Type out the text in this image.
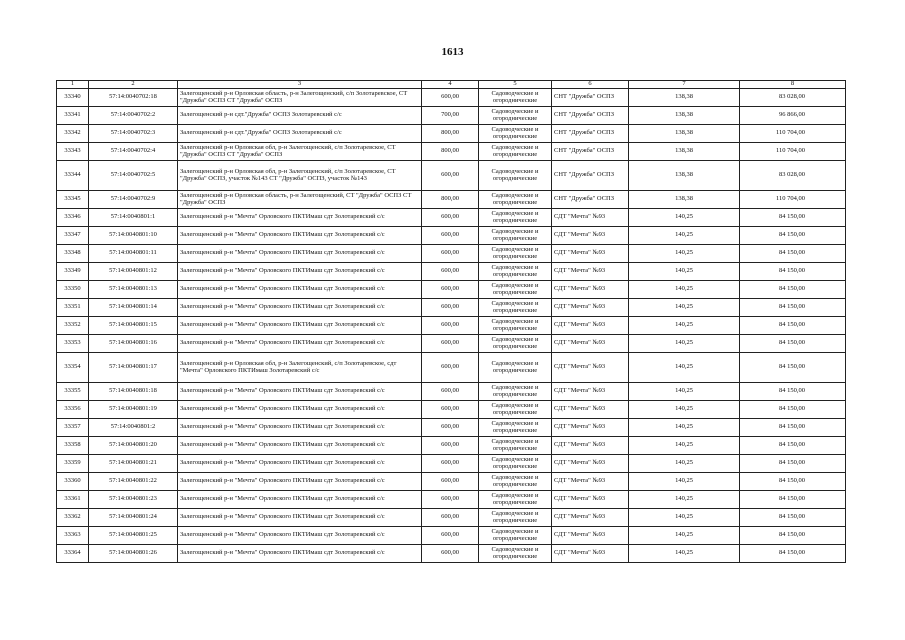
1613
1	2	3	4	5	6	7	8
33340	57:14:0040702:18	Залегощенский р-н Орловская область, р-н Залегощенский, с/п Золотаревское, СТ "Дружба" ОСПЗ СТ "Дружба" ОСПЗ	600,00	Садоводческие и огороднические	СНТ "Дружба" ОСПЗ	138,38	83 028,00
33341	57:14:0040702:2	Залегощенский р-н сдт."Дружба" ОСПЗ Золотаревский с/с	700,00	Садоводческие и огороднические	СНТ "Дружба" ОСПЗ	138,38	96 866,00
33342	57:14:0040702:3	Залегощенский р-н сдт."Дружба" ОСПЗ Золотаревский с/с	800,00	Садоводческие и огороднические	СНТ "Дружба" ОСПЗ	138,38	110 704,00
33343	57:14:0040702:4	Залегощенский р-н Орловская обл, р-н Залегощенский, с/п Золотаревское, СТ "Дружба" ОСПЗ СТ "Дружба" ОСПЗ	800,00	Садоводческие и огороднические	СНТ "Дружба" ОСПЗ	138,38	110 704,00
33344	57:14:0040702:5	Залегощенский р-н Орловская обл, р-н Залегощенский, с/п Золотаревское, СТ "Дружба" ОСПЗ, участок №143 СТ "Дружба" ОСПЗ, участок №143	600,00	Садоводческие и огороднические	СНТ "Дружба" ОСПЗ	138,38	83 028,00
33345	57:14:0040702:9	Залегощенский р-н Орловская область, р-н Залегощенский, СТ "Дружба" ОСПЗ СТ "Дружба" ОСПЗ	800,00	Садоводческие и огороднические	СНТ "Дружба" ОСПЗ	138,38	110 704,00
33346	57:14:0040801:1	Залегощенский р-н "Мечта" Орловского ПКТИмаш сдт Золотаревский с/с	600,00	Садоводческие и огороднические	СДТ "Мечта" №93	140,25	84 150,00
33347	57:14:0040801:10	Залегощенский р-н "Мечта" Орловского ПКТИмаш сдт Золотаревский с/с	600,00	Садоводческие и огороднические	СДТ "Мечта" №93	140,25	84 150,00
33348	57:14:0040801:11	Залегощенский р-н "Мечта" Орловского ПКТИмаш сдт Золотаревский с/с	600,00	Садоводческие и огороднические	СДТ "Мечта" №93	140,25	84 150,00
33349	57:14:0040801:12	Залегощенский р-н "Мечта" Орловского ПКТИмаш сдт Золотаревский с/с	600,00	Садоводческие и огороднические	СДТ "Мечта" №93	140,25	84 150,00
33350	57:14:0040801:13	Залегощенский р-н "Мечта" Орловского ПКТИмаш сдт Золотаревский с/с	600,00	Садоводческие и огороднические	СДТ "Мечта" №93	140,25	84 150,00
33351	57:14:0040801:14	Залегощенский р-н "Мечта" Орловского ПКТИмаш сдт Золотаревский с/с	600,00	Садоводческие и огороднические	СДТ "Мечта" №93	140,25	84 150,00
33352	57:14:0040801:15	Залегощенский р-н "Мечта" Орловского ПКТИмаш сдт Золотаревский с/с	600,00	Садоводческие и огороднические	СДТ "Мечта" №93	140,25	84 150,00
33353	57:14:0040801:16	Залегощенский р-н "Мечта" Орловского ПКТИмаш сдт Золотаревский с/с	600,00	Садоводческие и огороднические	СДТ "Мечта" №93	140,25	84 150,00
33354	57:14:0040801:17	Залегощенский р-н Орловская обл, р-н Залегощенский, с/п Золотаревское, сдт "Мечта" Орловского ПКТИмаш Золотаревский с/с	600,00	Садоводческие и огороднические	СДТ "Мечта" №93	140,25	84 150,00
33355	57:14:0040801:18	Залегощенский р-н "Мечта" Орловского ПКТИмаш сдт Золотаревский с/с	600,00	Садоводческие и огороднические	СДТ "Мечта" №93	140,25	84 150,00
33356	57:14:0040801:19	Залегощенский р-н "Мечта" Орловского ПКТИмаш сдт Золотаревский с/с	600,00	Садоводческие и огороднические	СДТ "Мечта" №93	140,25	84 150,00
33357	57:14:0040801:2	Залегощенский р-н "Мечта" Орловского ПКТИмаш сдт Золотаревский с/с	600,00	Садоводческие и огороднические	СДТ "Мечта" №93	140,25	84 150,00
33358	57:14:0040801:20	Залегощенский р-н "Мечта" Орловского ПКТИмаш сдт Золотаревский с/с	600,00	Садоводческие и огороднические	СДТ "Мечта" №93	140,25	84 150,00
33359	57:14:0040801:21	Залегощенский р-н "Мечта" Орловского ПКТИмаш сдт Золотаревский с/с	600,00	Садоводческие и огороднические	СДТ "Мечта" №93	140,25	84 150,00
33360	57:14:0040801:22	Залегощенский р-н "Мечта" Орловского ПКТИмаш сдт Золотаревский с/с	600,00	Садоводческие и огороднические	СДТ "Мечта" №93	140,25	84 150,00
33361	57:14:0040801:23	Залегощенский р-н "Мечта" Орловского ПКТИмаш сдт Золотаревский с/с	600,00	Садоводческие и огороднические	СДТ "Мечта" №93	140,25	84 150,00
33362	57:14:0040801:24	Залегощенский р-н "Мечта" Орловского ПКТИмаш сдт Золотаревский с/с	600,00	Садоводческие и огороднические	СДТ "Мечта" №93	140,25	84 150,00
33363	57:14:0040801:25	Залегощенский р-н "Мечта" Орловского ПКТИмаш сдт Золотаревский с/с	600,00	Садоводческие и огороднические	СДТ "Мечта" №93	140,25	84 150,00
33364	57:14:0040801:26	Залегощенский р-н "Мечта" Орловского ПКТИмаш сдт Золотаревский с/с	600,00	Садоводческие и огороднические	СДТ "Мечта" №93	140,25	84 150,00
